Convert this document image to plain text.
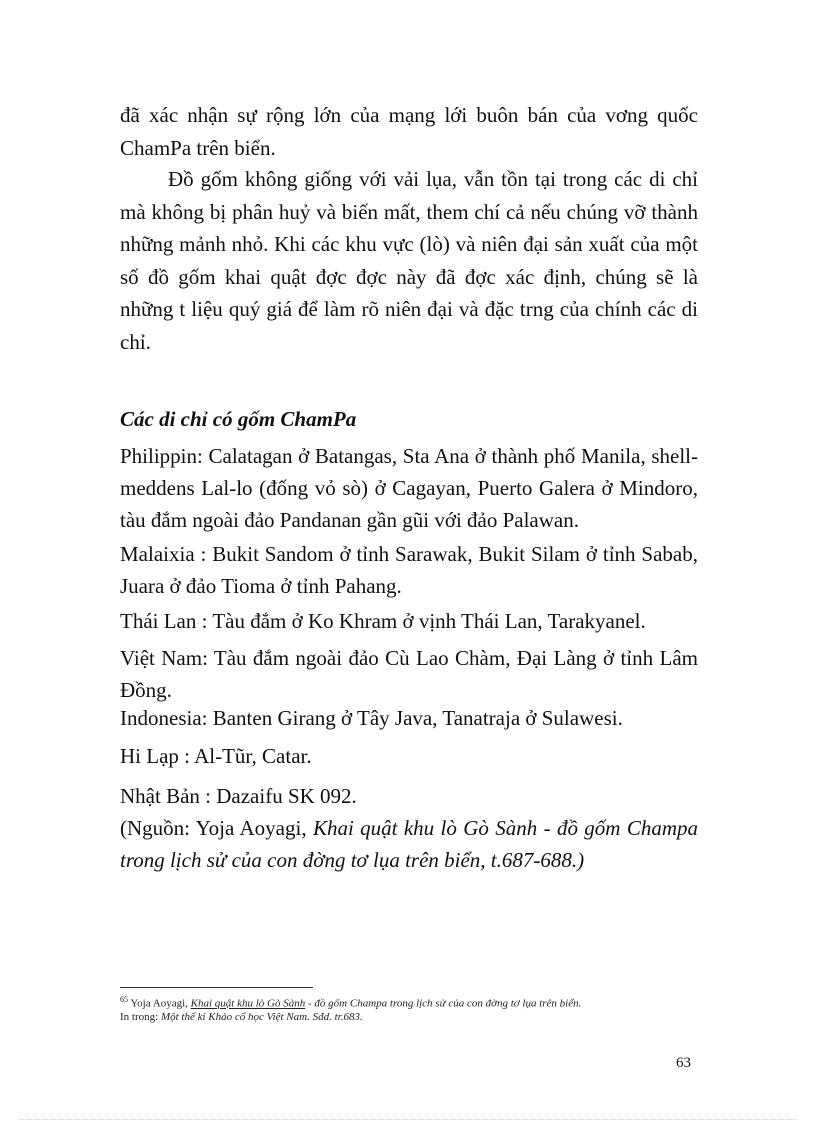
đã xác nhận sự rộng lớn của mạng lới buôn bán của vơng quốc ChamPa trên biển.

Đồ gốm không giống với vải lụa, vẫn tồn tại trong các di chỉ mà không bị phân huỷ và biến mất, them chí cả nếu chúng vỡ thành những mảnh nhỏ. Khi các khu vực (lò) và niên đại sản xuất của một số đồ gốm khai quật đợc đợc này đã đợc xác định, chúng sẽ là những t liệu quý giá để làm rõ niên đại và đặc trng của chính các di chỉ.

Các di chỉ có gốm ChamPa

Philippin: Calatagan ở Batangas, Sta Ana ở thành phố Manila, shell-meddens Lal-lo (đống vỏ sò) ở Cagayan, Puerto Galera ở Mindoro, tàu đắm ngoài đảo Pandanan gần gũi với đảo Palawan.

Malaixia : Bukit Sandom ở tỉnh Sarawak, Bukit Silam ở tỉnh Sabab, Juara ở đảo Tioma ở tỉnh Pahang.

Thái Lan : Tàu đắm ở Ko Khram ở vịnh Thái Lan, Tarakyanel.

Việt Nam: Tàu đắm ngoài đảo Cù Lao Chàm, Đại Làng ở tỉnh Lâm Đồng.

Indonesia: Banten Girang ở Tây Java, Tanatraja ở Sulawesi.

Hi Lạp : Al-Tũr, Catar.

Nhật Bản : Dazaifu SK 092.

(Nguồn: Yoja Aoyagi, Khai quật khu lò Gò Sành - đồ gốm Champa trong lịch sử của con đờng tơ lụa trên biển, t.687-688.)

$^{65}$ Yoja Aoyagi, Khai quật khu lò Gò Sành - đồ gốm Champa trong lịch sử của con đờng tơ lụa trên biển.
In trong: Một thế kỉ Khảo cổ học Việt Nam. Sđd. tr.683.

63
